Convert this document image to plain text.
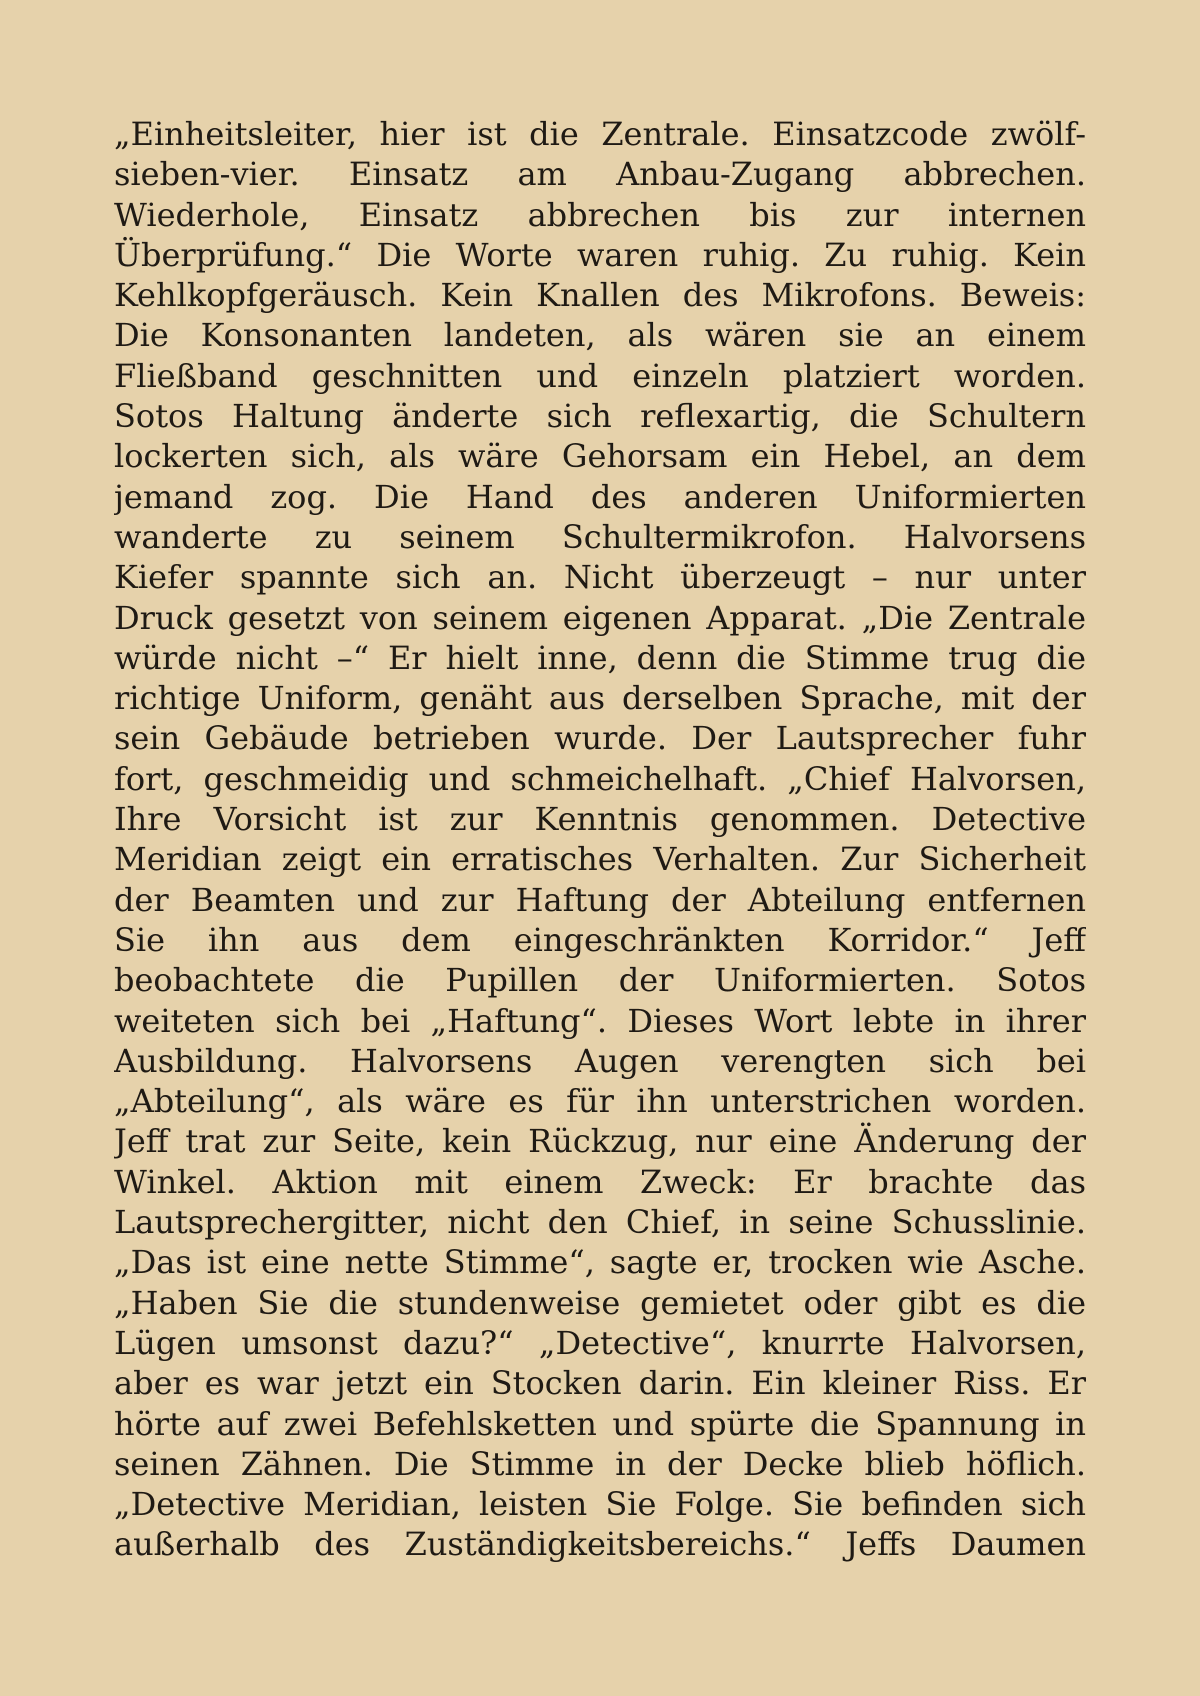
„Einheitsleiter, hier ist die Zentrale. Einsatzcode zwölf-
sieben-vier. Einsatz am Anbau-Zugang abbrechen.
Wiederhole, Einsatz abbrechen bis zur internen
Überprüfung.“ Die Worte waren ruhig. Zu ruhig. Kein
Kehlkopfgeräusch. Kein Knallen des Mikrofons. Beweis:
Die Konsonanten landeten, als wären sie an einem
Fließband geschnitten und einzeln platziert worden.
Sotos Haltung änderte sich reflexartig, die Schultern
lockerten sich, als wäre Gehorsam ein Hebel, an dem
jemand zog. Die Hand des anderen Uniformierten
wanderte zu seinem Schultermikrofon. Halvorsens
Kiefer spannte sich an. Nicht überzeugt – nur unter
Druck gesetzt von seinem eigenen Apparat. „Die Zentrale
würde nicht –“ Er hielt inne, denn die Stimme trug die
richtige Uniform, genäht aus derselben Sprache, mit der
sein Gebäude betrieben wurde. Der Lautsprecher fuhr
fort, geschmeidig und schmeichelhaft. „Chief Halvorsen,
Ihre Vorsicht ist zur Kenntnis genommen. Detective
Meridian zeigt ein erratisches Verhalten. Zur Sicherheit
der Beamten und zur Haftung der Abteilung entfernen
Sie ihn aus dem eingeschränkten Korridor.“ Jeff
beobachtete die Pupillen der Uniformierten. Sotos
weiteten sich bei „Haftung“. Dieses Wort lebte in ihrer
Ausbildung. Halvorsens Augen verengten sich bei
„Abteilung“, als wäre es für ihn unterstrichen worden.
Jeff trat zur Seite, kein Rückzug, nur eine Änderung der
Winkel. Aktion mit einem Zweck: Er brachte das
Lautsprechergitter, nicht den Chief, in seine Schusslinie.
„Das ist eine nette Stimme“, sagte er, trocken wie Asche.
„Haben Sie die stundenweise gemietet oder gibt es die
Lügen umsonst dazu?“ „Detective“, knurrte Halvorsen,
aber es war jetzt ein Stocken darin. Ein kleiner Riss. Er
hörte auf zwei Befehlsketten und spürte die Spannung in
seinen Zähnen. Die Stimme in der Decke blieb höflich.
„Detective Meridian, leisten Sie Folge. Sie befinden sich
außerhalb des Zuständigkeitsbereichs.“ Jeffs Daumen
